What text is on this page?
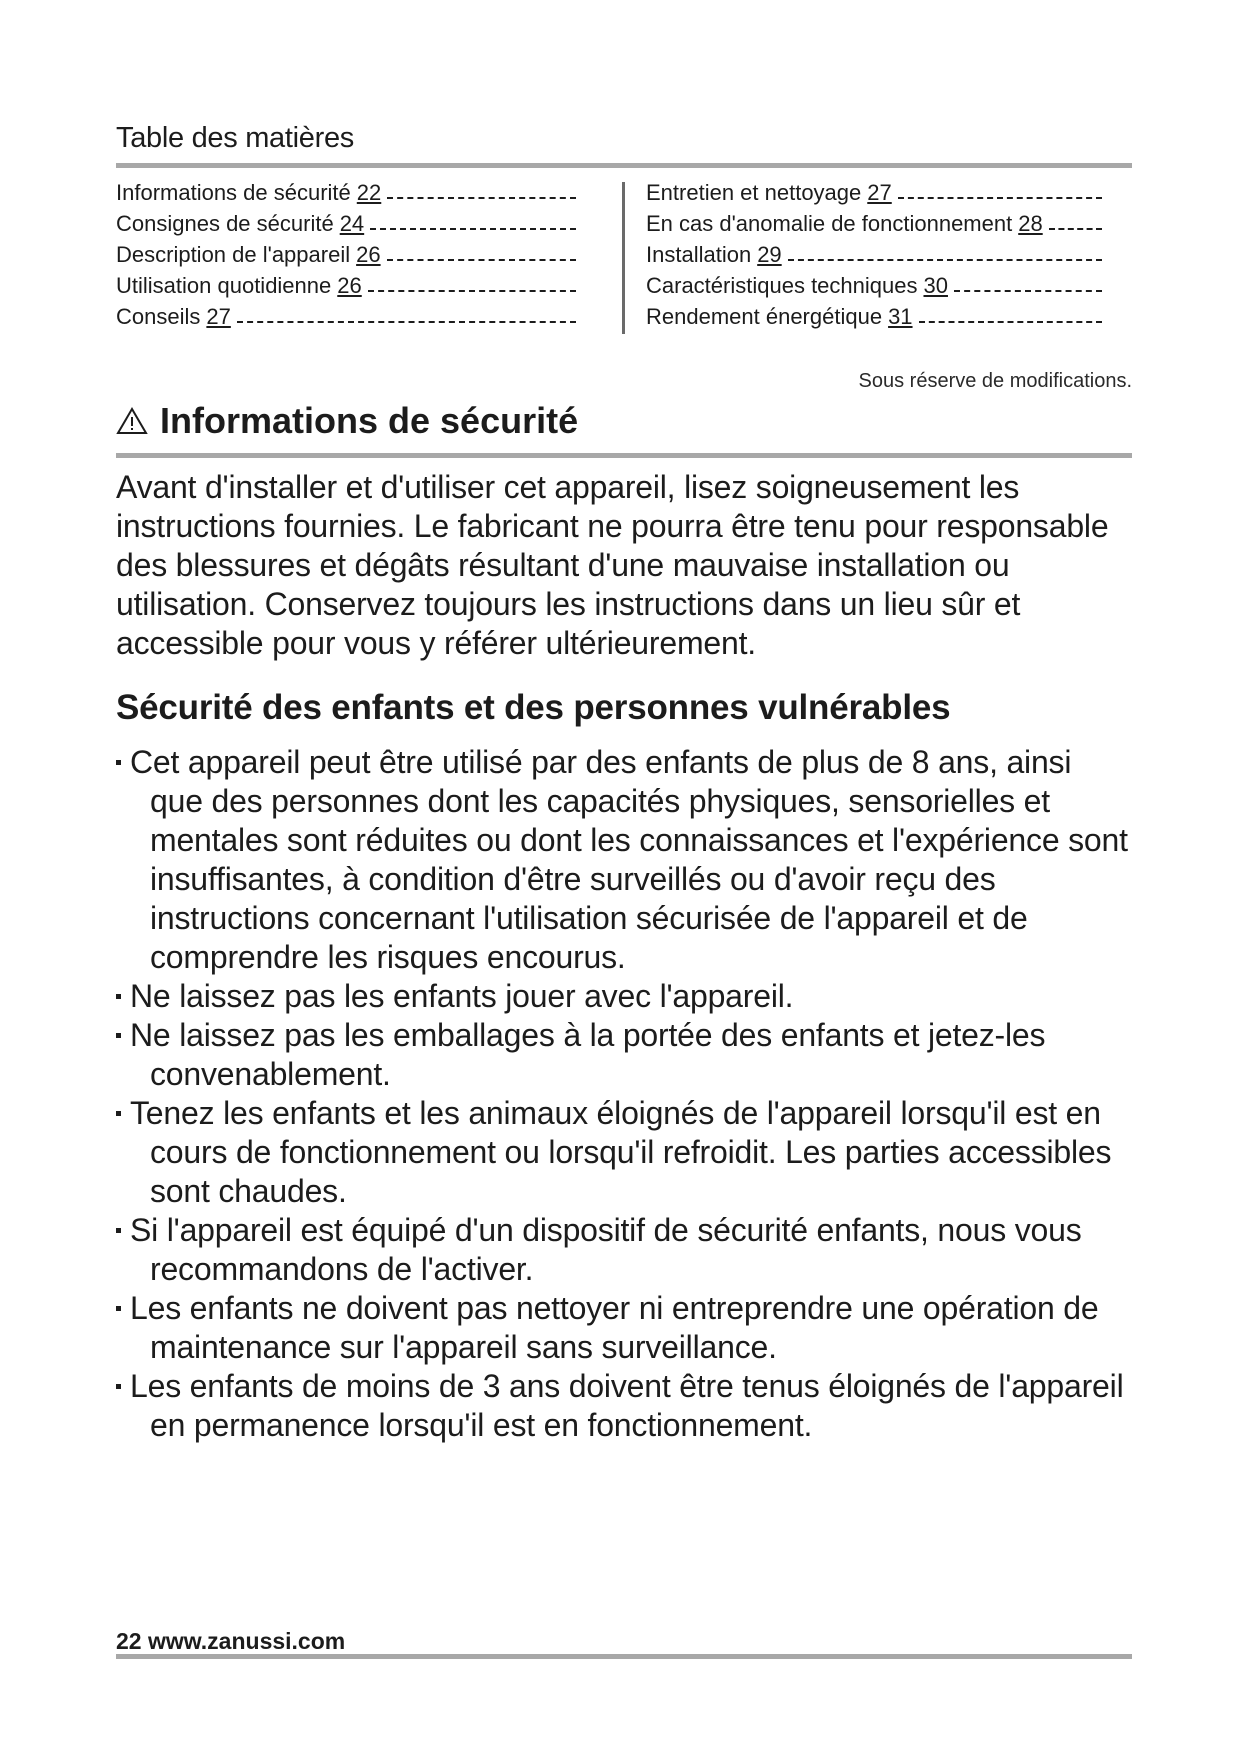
Table des matières
Informations de sécurité 22
Consignes de sécurité 24
Description de l'appareil 26
Utilisation quotidienne 26
Conseils 27
Entretien et nettoyage 27
En cas d'anomalie de fonctionnement 28
Installation 29
Caractéristiques techniques 30
Rendement énergétique 31
Sous réserve de modifications.
Informations de sécurité

Avant d'installer et d'utiliser cet appareil, lisez soigneusement les instructions fournies. Le fabricant ne pourra être tenu pour responsable des blessures et dégâts résultant d'une mauvaise installation ou utilisation. Conservez toujours les instructions dans un lieu sûr et accessible pour vous y référer ultérieurement.

Sécurité des enfants et des personnes vulnérables
Cet appareil peut être utilisé par des enfants de plus de 8 ans, ainsi que des personnes dont les capacités physiques, sensorielles et mentales sont réduites ou dont les connaissances et l'expérience sont insuffisantes, à condition d'être surveillés ou d'avoir reçu des instructions concernant l'utilisation sécurisée de l'appareil et de comprendre les risques encourus.
Ne laissez pas les enfants jouer avec l'appareil.
Ne laissez pas les emballages à la portée des enfants et jetez-les convenablement.
Tenez les enfants et les animaux éloignés de l'appareil lorsqu'il est en cours de fonctionnement ou lorsqu'il refroidit. Les parties accessibles sont chaudes.
Si l'appareil est équipé d'un dispositif de sécurité enfants, nous vous recommandons de l'activer.
Les enfants ne doivent pas nettoyer ni entreprendre une opération de maintenance sur l'appareil sans surveillance.
Les enfants de moins de 3 ans doivent être tenus éloignés de l'appareil en permanence lorsqu'il est en fonctionnement.
22 www.zanussi.com
